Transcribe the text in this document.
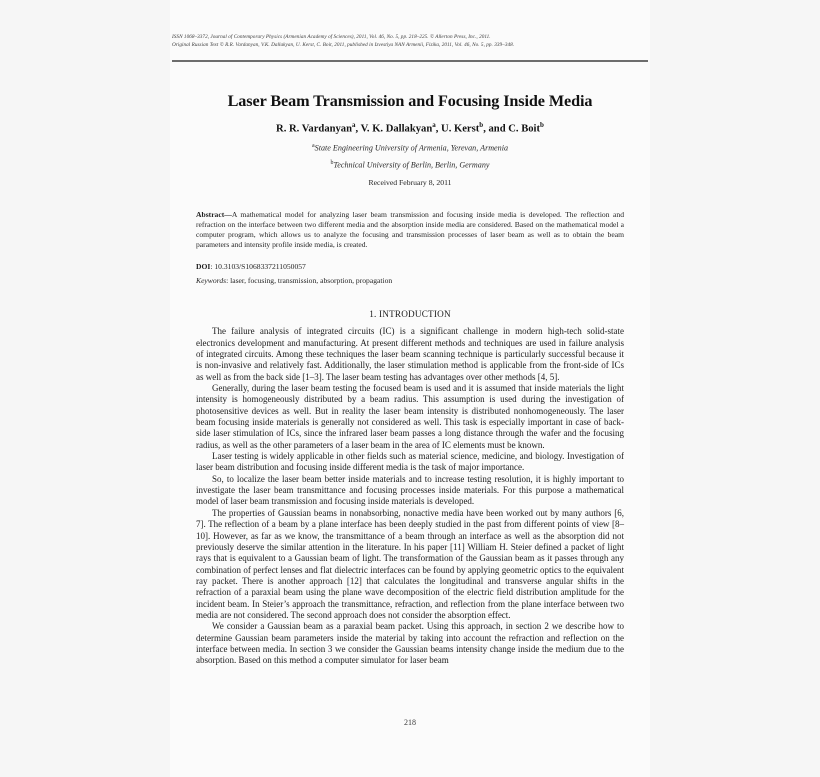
ISSN 1068–3372, Journal of Contemporary Physics (Armenian Academy of Sciences), 2011, Vol. 46, No. 5, pp. 218–225. © Allerton Press, Inc., 2011.
Original Russian Text © R.R. Vardanyan, V.K. Dallakyan, U. Kerst, C. Boit, 2011, published in Izvestiya NAN Armenii, Fizika, 2011, Vol. 46, No. 5, pp. 339–348.
Laser Beam Transmission and Focusing Inside Media
R. R. Vardanyan$^a$, V. K. Dallakyan$^a$, U. Kerst$^b$, and C. Boit$^b$
$^a$State Engineering University of Armenia, Yerevan, Armenia
$^b$Technical University of Berlin, Berlin, Germany
Received February 8, 2011

Abstract—A mathematical model for analyzing laser beam transmission and focusing inside media is developed. The reflection and refraction on the interface between two different media and the absorption inside media are considered. Based on the mathematical model a computer program, which allows us to analyze the focusing and transmission processes of laser beam as well as to obtain the beam parameters and intensity profile inside media, is created.

DOI: 10.3103/S1068337211050057

Keywords: laser, focusing, transmission, absorption, propagation

1. INTRODUCTION

The failure analysis of integrated circuits (IC) is a significant challenge in modern high-tech solid-state electronics development and manufacturing. At present different methods and techniques are used in failure analysis of integrated circuits. Among these techniques the laser beam scanning technique is particularly successful because it is non-invasive and relatively fast. Additionally, the laser stimulation method is applicable from the front-side of ICs as well as from the back side [1–3]. The laser beam testing has advantages over other methods [4, 5].

Generally, during the laser beam testing the focused beam is used and it is assumed that inside materials the light intensity is homogeneously distributed by a beam radius. This assumption is used during the investigation of photosensitive devices as well. But in reality the laser beam intensity is distributed nonhomogeneously. The laser beam focusing inside materials is generally not considered as well. This task is especially important in case of back-side laser stimulation of ICs, since the infrared laser beam passes a long distance through the wafer and the focusing radius, as well as the other parameters of a laser beam in the area of IC elements must be known.

Laser testing is widely applicable in other fields such as material science, medicine, and biology. Investigation of laser beam distribution and focusing inside different media is the task of major importance.

So, to localize the laser beam better inside materials and to increase testing resolution, it is highly important to investigate the laser beam transmittance and focusing processes inside materials. For this purpose a mathematical model of laser beam transmission and focusing inside materials is developed.

The properties of Gaussian beams in nonabsorbing, nonactive media have been worked out by many authors [6, 7]. The reflection of a beam by a plane interface has been deeply studied in the past from different points of view [8–10]. However, as far as we know, the transmittance of a beam through an interface as well as the absorption did not previously deserve the similar attention in the literature. In his paper [11] William H. Steier defined a packet of light rays that is equivalent to a Gaussian beam of light. The transformation of the Gaussian beam as it passes through any combination of perfect lenses and flat dielectric interfaces can be found by applying geometric optics to the equivalent ray packet. There is another approach [12] that calculates the longitudinal and transverse angular shifts in the refraction of a paraxial beam using the plane wave decomposition of the electric field distribution amplitude for the incident beam. In Steier’s approach the transmittance, refraction, and reflection from the plane interface between two media are not considered. The second approach does not consider the absorption effect.

We consider a Gaussian beam as a paraxial beam packet. Using this approach, in section 2 we describe how to determine Gaussian beam parameters inside the material by taking into account the refraction and reflection on the interface between media. In section 3 we consider the Gaussian beams intensity change inside the medium due to the absorption. Based on this method a computer simulator for laser beam

218
